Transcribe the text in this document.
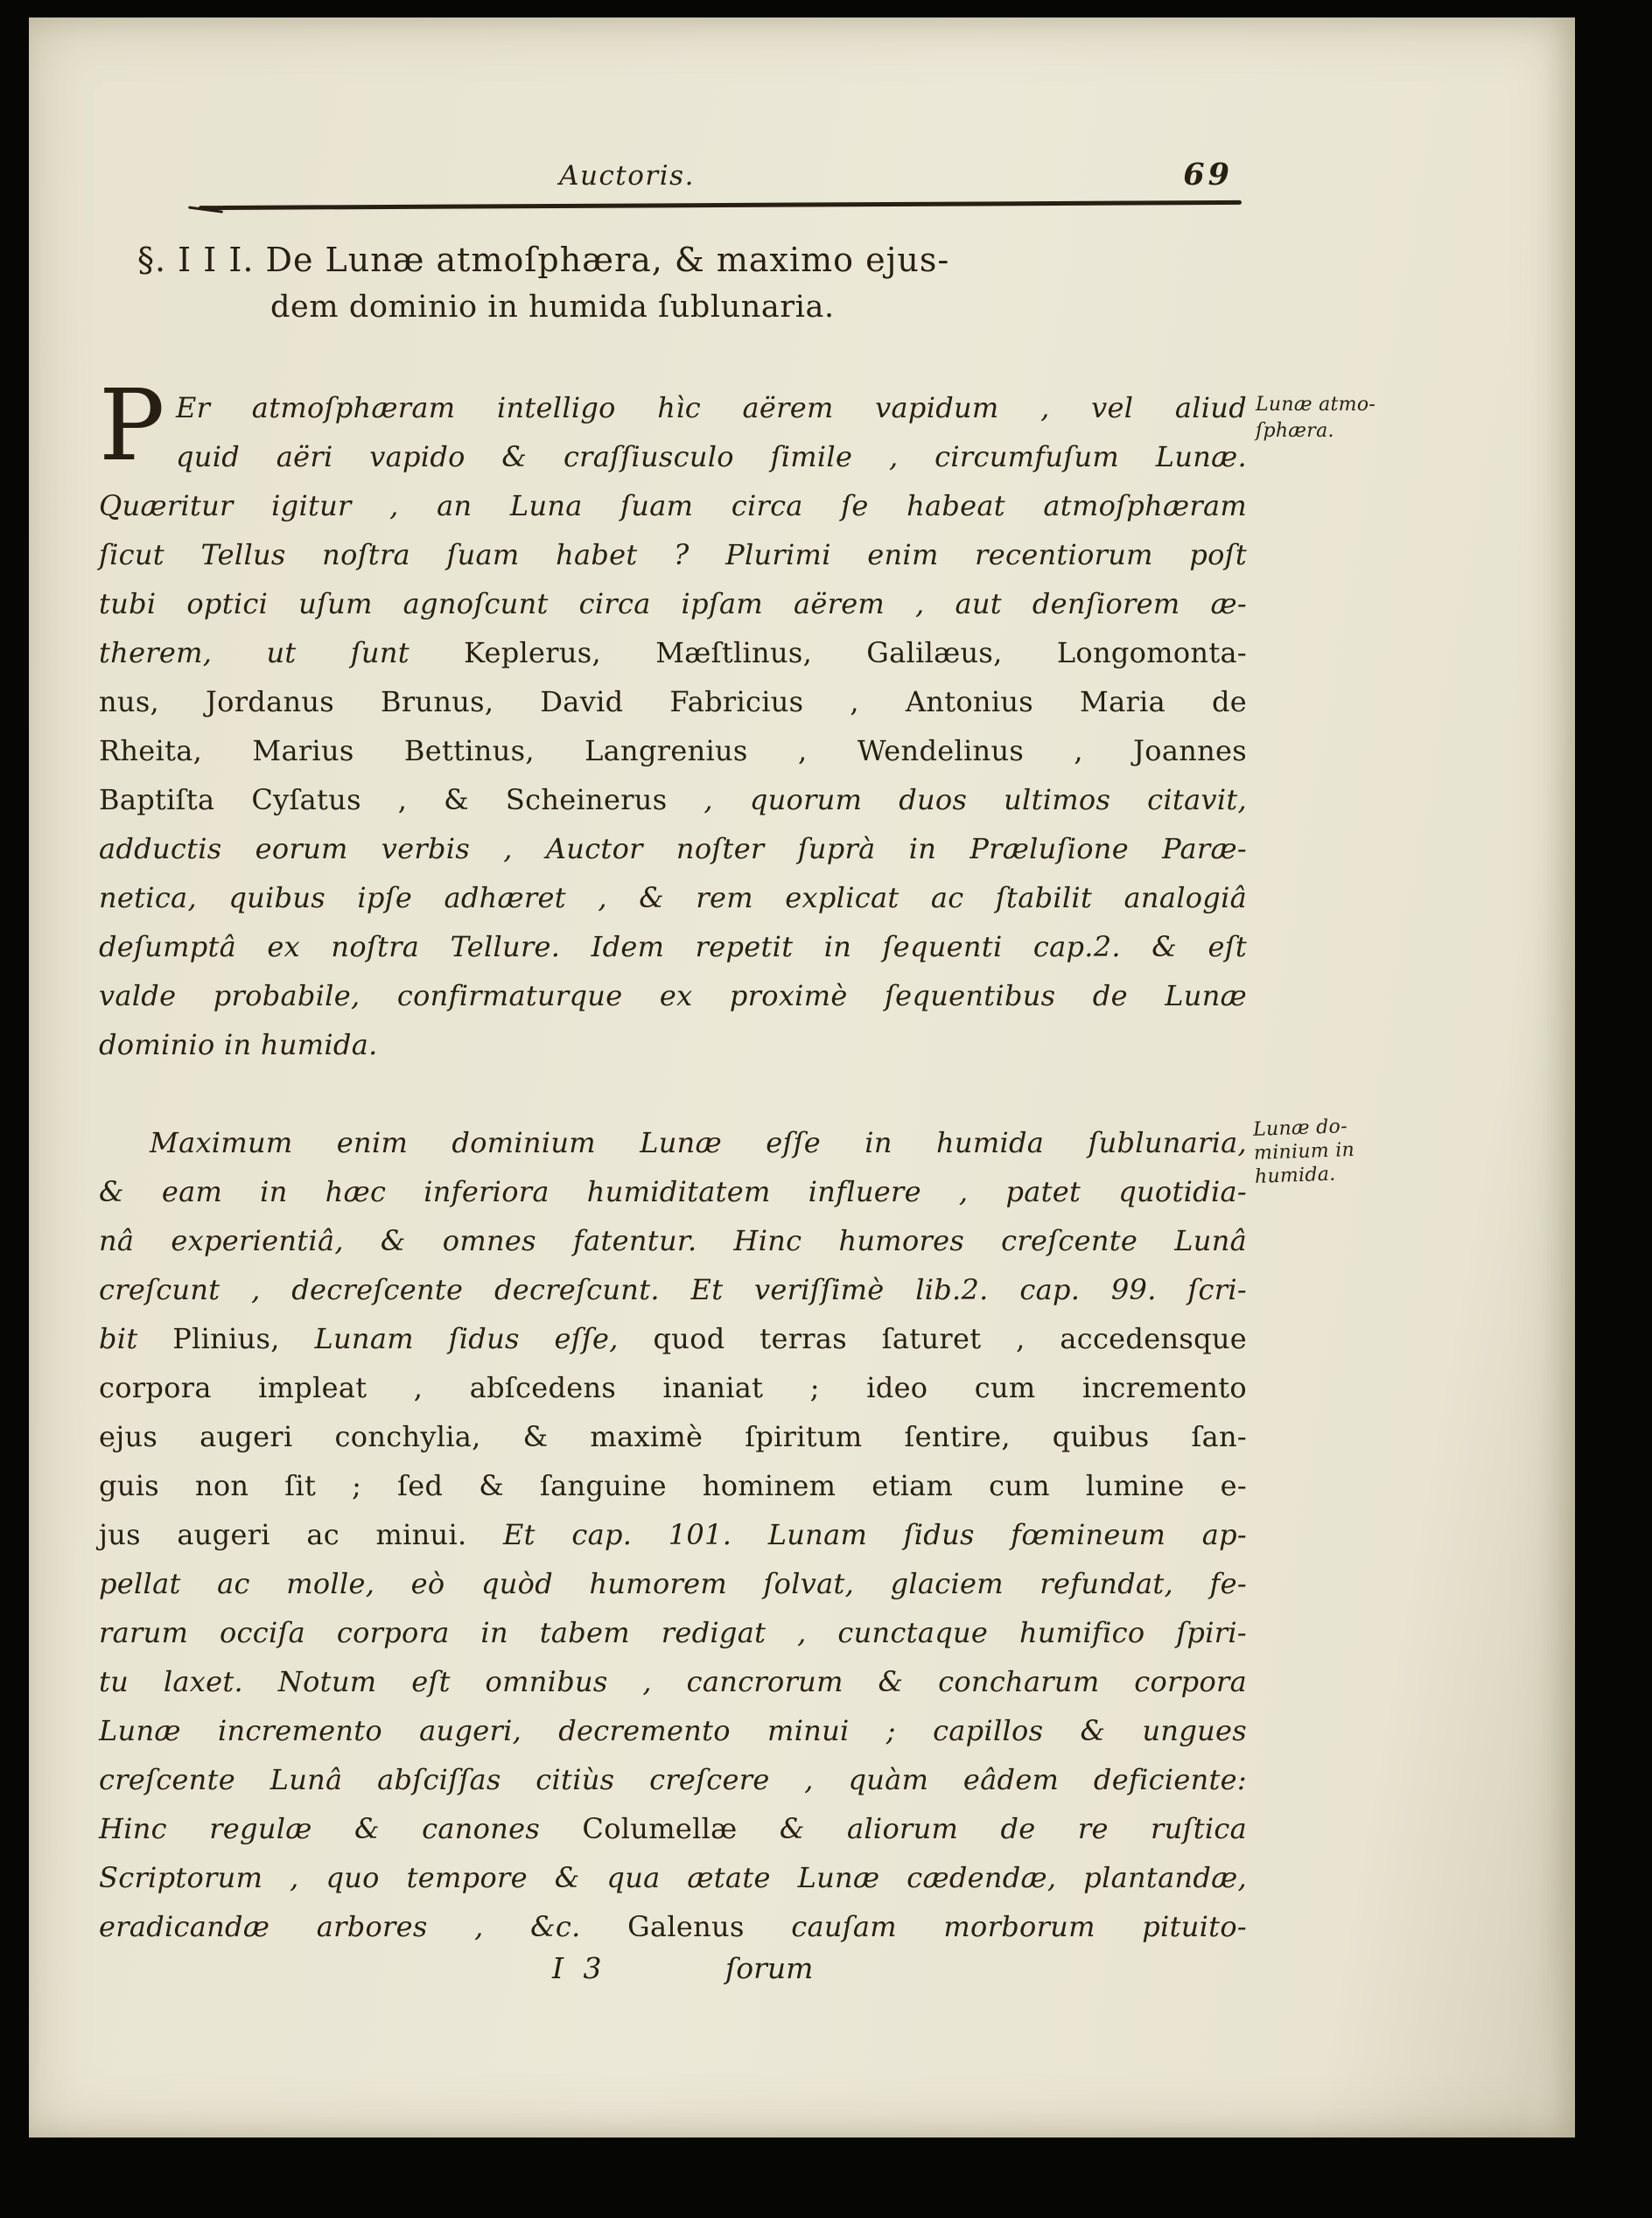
Auctoris.	69
§. I I I. De Lunæ atmoſphæra, & maximo ejus-
dem dominio in humida ſublunaria.
P Er atmoſphæram intelligo hìc aërem vapidum , vel aliud
quid aëri vapido & craſſiusculo ſimile , circumfuſum Lunæ.
Quæritur igitur , an Luna ſuam circa ſe habeat atmoſphæram
ſicut Tellus noſtra ſuam habet ? Plurimi enim recentiorum poſt
tubi optici uſum agnoſcunt circa ipſam aërem , aut denſiorem æ-
therem, ut ſunt Keplerus, Mæſtlinus, Galilæus, Longomonta-
nus, Jordanus Brunus, David Fabricius , Antonius Maria de
Rheita, Marius Bettinus, Langrenius , Wendelinus , Joannes
Baptiſta Cyſatus , & Scheinerus , quorum duos ultimos citavit,
adductis eorum verbis , Auctor noſter ſuprà in Præluſione Paræ-
netica, quibus ipſe adhæret , & rem explicat ac ſtabilit analogiâ
deſumptâ ex noſtra Tellure. Idem repetit in ſequenti cap.2. & eſt
valde probabile, confirmaturque ex proximè ſequentibus de Lunæ
dominio in humida.
Maximum enim dominium Lunæ eſſe in humida ſublunaria,
& eam in hæc inferiora humiditatem influere , patet quotidia-
nâ experientiâ, & omnes fatentur. Hinc humores creſcente Lunâ
creſcunt , decreſcente decreſcunt. Et veriſſimè lib.2. cap. 99. ſcri-
bit Plinius, Lunam ſidus eſſe, quod terras ſaturet , accedensque
corpora impleat , abſcedens inaniat ; ideo cum incremento
ejus augeri conchylia, & maximè ſpiritum ſentire, quibus ſan-
guis non ſit ; ſed & ſanguine hominem etiam cum lumine e-
jus augeri ac minui. Et cap. 101. Lunam ſidus fœmineum ap-
pellat ac molle, eò quòd humorem ſolvat, glaciem refundat, fe-
rarum occiſa corpora in tabem redigat , cunctaque humifico ſpiri-
tu laxet. Notum eſt omnibus , cancrorum & concharum corpora
Lunæ incremento augeri, decremento minui ; capillos & ungues
creſcente Lunâ abſciſſas citiùs creſcere , quàm eâdem deficiente:
Hinc regulæ & canones Columellæ & aliorum de re ruſtica
Scriptorum , quo tempore & qua ætate Lunæ cædendæ, plantandæ,
eradicandæ arbores , &c. Galenus cauſam morborum pituito-
I 3	ſorum
Lunæ atmo-
ſphæra.
Lunæ do-
minium in
humida.
